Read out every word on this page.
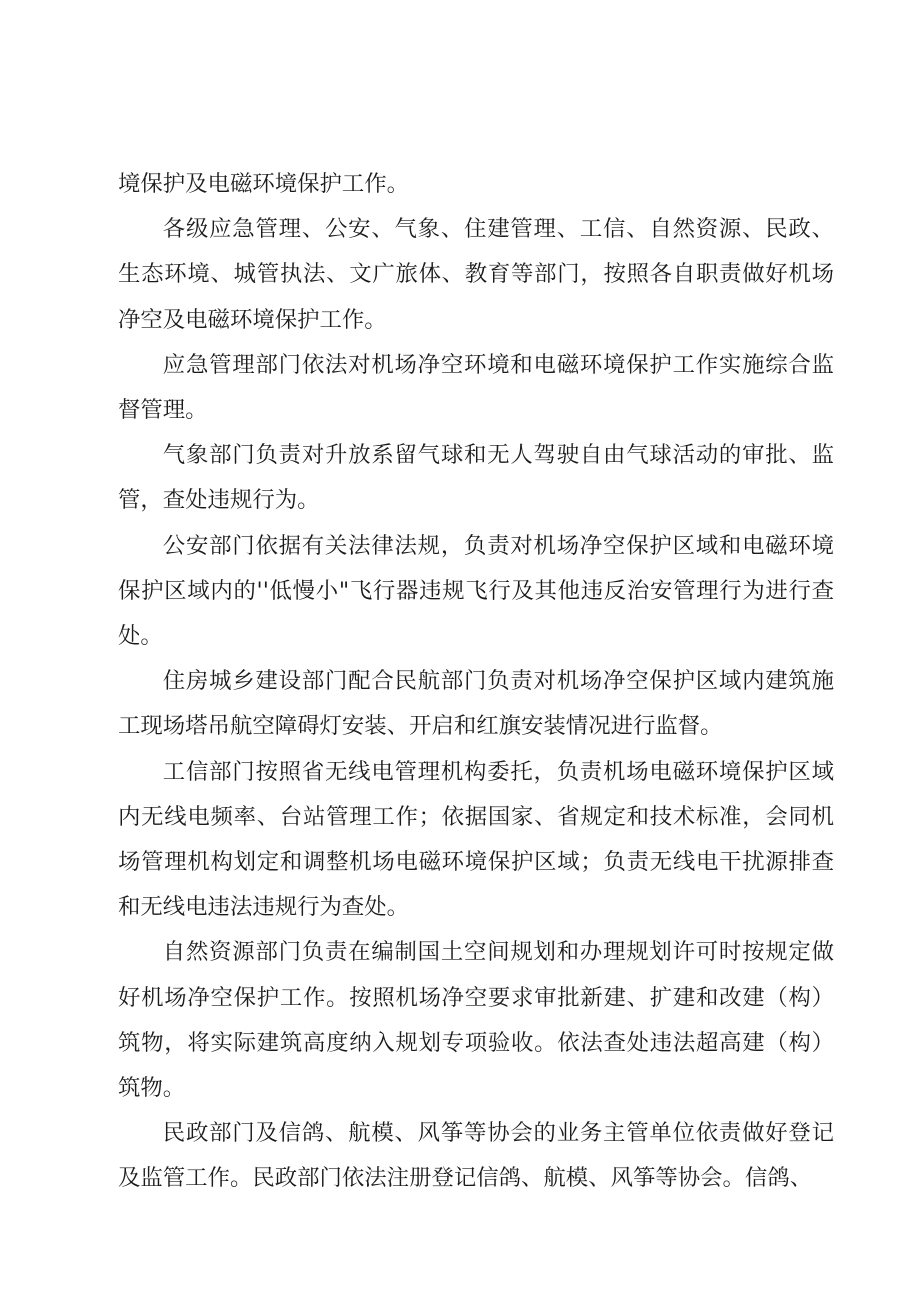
境保护及电磁环境保护工作。

各级应急管理、公安、气象、住建管理、工信、自然资源、民政、生态环境、城管执法、文广旅体、教育等部门，按照各自职责做好机场净空及电磁环境保护工作。

应急管理部门依法对机场净空环境和电磁环境保护工作实施综合监督管理。

气象部门负责对升放系留气球和无人驾驶自由气球活动的审批、监管，查处违规行为。

公安部门依据有关法律法规，负责对机场净空保护区域和电磁环境保护区域内的''低慢小"飞行器违规飞行及其他违反治安管理行为进行查处。

住房城乡建设部门配合民航部门负责对机场净空保护区域内建筑施工现场塔吊航空障碍灯安装、开启和红旗安装情况进行监督。

工信部门按照省无线电管理机构委托，负责机场电磁环境保护区域内无线电频率、台站管理工作；依据国家、省规定和技术标准，会同机场管理机构划定和调整机场电磁环境保护区域；负责无线电干扰源排查和无线电违法违规行为查处。

自然资源部门负责在编制国土空间规划和办理规划许可时按规定做好机场净空保护工作。按照机场净空要求审批新建、扩建和改建（构）筑物，将实际建筑高度纳入规划专项验收。依法查处违法超高建（构）筑物。

民政部门及信鸽、航模、风筝等协会的业务主管单位依责做好登记及监管工作。民政部门依法注册登记信鸽、航模、风筝等协会。信鸽、
